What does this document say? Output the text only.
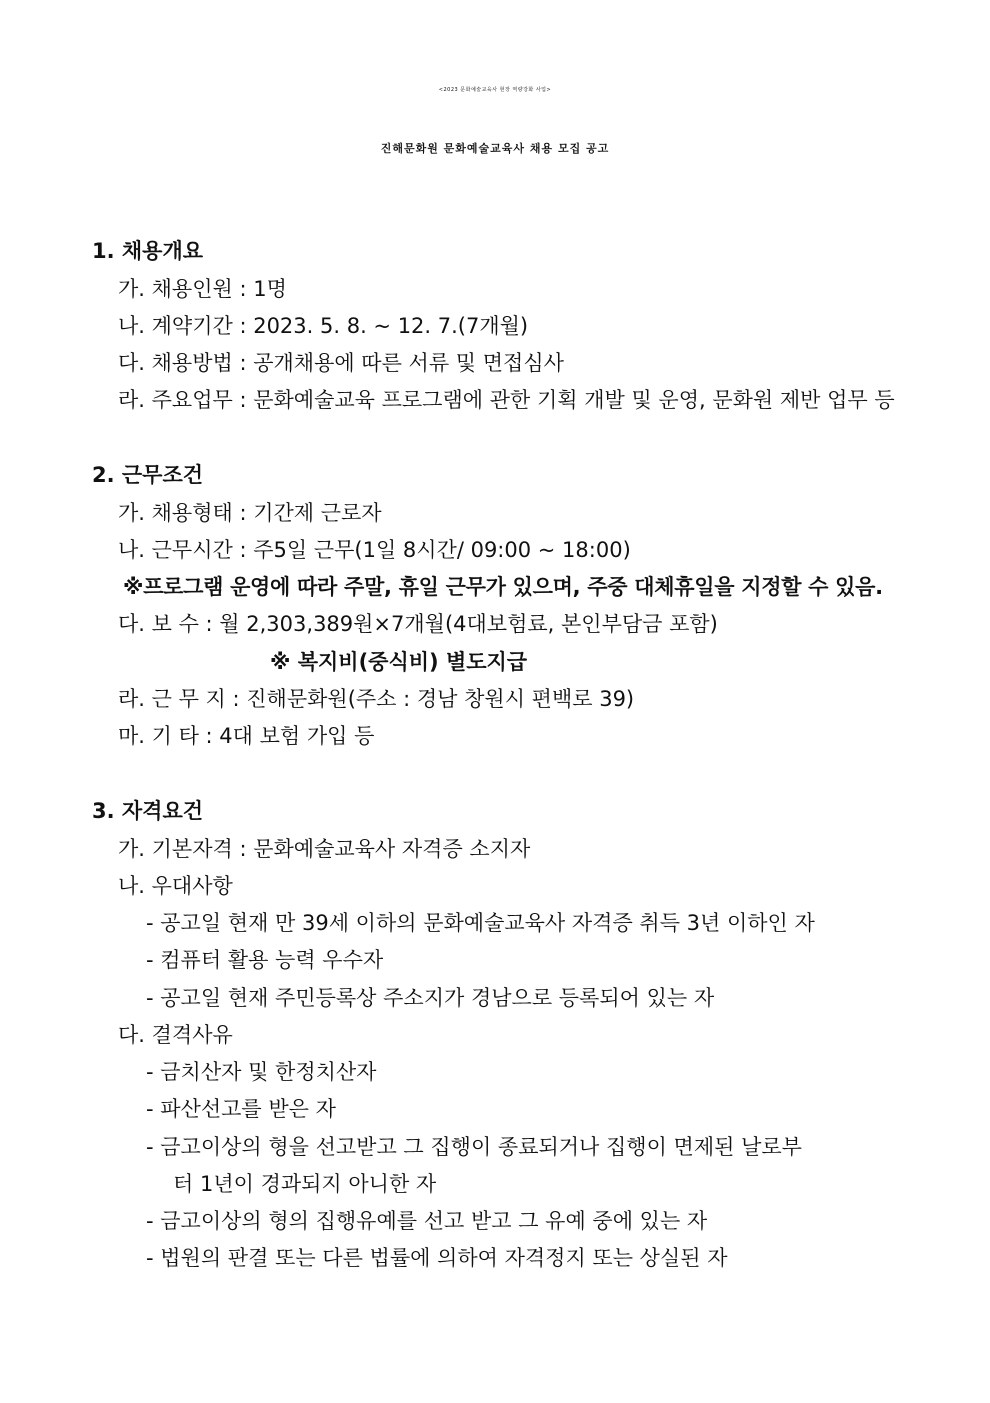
<2023 문화예술교육사 현장 역량강화 사업>
진해문화원 문화예술교육사 채용 모집 공고
1. 채용개요
가. 채용인원 : 1명
나. 계약기간 : 2023. 5. 8. ~ 12. 7.(7개월)
다. 채용방법 : 공개채용에 따른 서류 및 면접심사
라. 주요업무 : 문화예술교육 프로그램에 관한 기획 개발 및 운영, 문화원 제반 업무 등
2. 근무조건
가. 채용형태 : 기간제 근로자
나. 근무시간 : 주5일 근무(1일 8시간/ 09:00 ~ 18:00)
※프로그램 운영에 따라 주말, 휴일 근무가 있으며, 주중 대체휴일을 지정할 수 있음.
다. 보 수 : 월 2,303,389원×7개월(4대보험료, 본인부담금 포함)
※ 복지비(중식비) 별도지급
라. 근 무 지 : 진해문화원(주소 : 경남 창원시 편백로 39)
마. 기 타 : 4대 보험 가입 등
3. 자격요건
가. 기본자격 : 문화예술교육사 자격증 소지자
나. 우대사항
- 공고일 현재 만 39세 이하의 문화예술교육사 자격증 취득 3년 이하인 자
- 컴퓨터 활용 능력 우수자
- 공고일 현재 주민등록상 주소지가 경남으로 등록되어 있는 자
다. 결격사유
- 금치산자 및 한정치산자
- 파산선고를 받은 자
- 금고이상의 형을 선고받고 그 집행이 종료되거나 집행이 면제된 날로부
터 1년이 경과되지 아니한 자
- 금고이상의 형의 집행유예를 선고 받고 그 유예 중에 있는 자
- 법원의 판결 또는 다른 법률에 의하여 자격정지 또는 상실된 자
